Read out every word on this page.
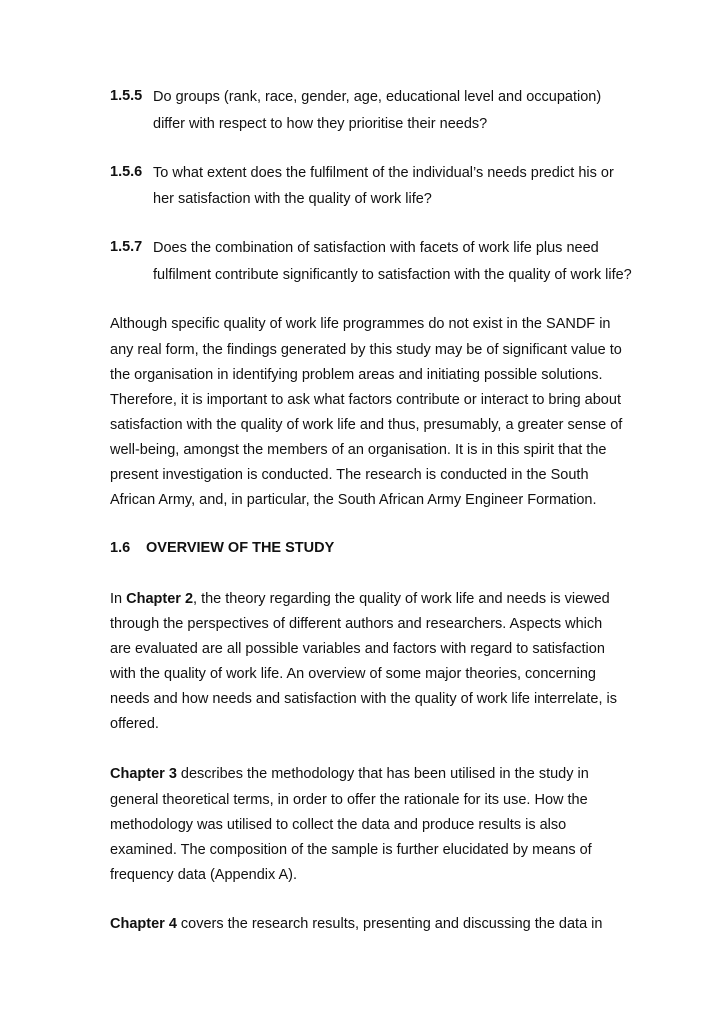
1.5.5 Do groups (rank, race, gender, age, educational level and occupation)
differ with respect to how they prioritise their needs?
1.5.6 To what extent does the fulfilment of the individual’s needs predict his or
her satisfaction with the quality of work life?
1.5.7 Does the combination of satisfaction with facets of work life plus need
fulfilment contribute significantly to satisfaction with the quality of work life?
Although specific quality of work life programmes do not exist in the SANDF in
any real form, the findings generated by this study may be of significant value to
the organisation in identifying problem areas and initiating possible solutions.
Therefore, it is important to ask what factors contribute or interact to bring about
satisfaction with the quality of work life and thus, presumably, a greater sense of
well-being, amongst the members of an organisation. It is in this spirit that the
present investigation is conducted. The research is conducted in the South
African Army, and, in particular, the South African Army Engineer Formation.
1.6 OVERVIEW OF THE STUDY
In Chapter 2, the theory regarding the quality of work life and needs is viewed
through the perspectives of different authors and researchers. Aspects which
are evaluated are all possible variables and factors with regard to satisfaction
with the quality of work life. An overview of some major theories, concerning
needs and how needs and satisfaction with the quality of work life interrelate, is
offered.
Chapter 3 describes the methodology that has been utilised in the study in
general theoretical terms, in order to offer the rationale for its use. How the
methodology was utilised to collect the data and produce results is also
examined. The composition of the sample is further elucidated by means of
frequency data (Appendix A).
Chapter 4 covers the research results, presenting and discussing the data in
